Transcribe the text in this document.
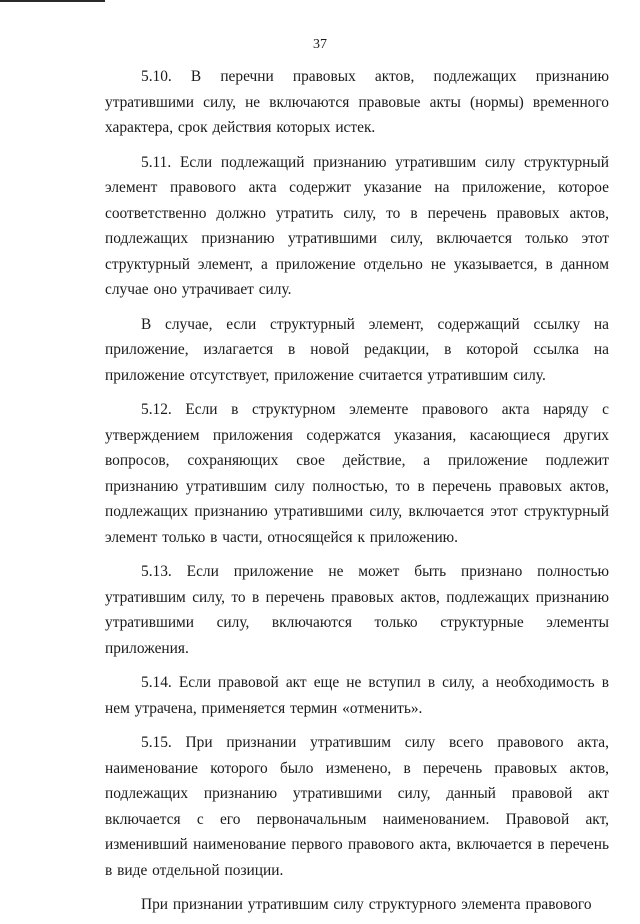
37

5.10. В перечни правовых актов, подлежащих признанию утратившими силу, не включаются правовые акты (нормы) временного характера, срок действия которых истек.

5.11. Если подлежащий признанию утратившим силу структурный элемент правового акта содержит указание на приложение, которое соответственно должно утратить силу, то в перечень правовых актов, подлежащих признанию утратившими силу, включается только этот структурный элемент, а приложение отдельно не указывается, в данном случае оно утрачивает силу.

В случае, если структурный элемент, содержащий ссылку на приложение, излагается в новой редакции, в которой ссылка на приложение отсутствует, приложение считается утратившим силу.

5.12. Если в структурном элементе правового акта наряду с утверждением приложения содержатся указания, касающиеся других вопросов, сохраняющих свое действие, а приложение подлежит признанию утратившим силу полностью, то в перечень правовых актов, подлежащих признанию утратившими силу, включается этот структурный элемент только в части, относящейся к приложению.

5.13. Если приложение не может быть признано полностью утратившим силу, то в перечень правовых актов, подлежащих признанию утратившими силу, включаются только структурные элементы приложения.

5.14. Если правовой акт еще не вступил в силу, а необходимость в нем утрачена, применяется термин «отменить».

5.15. При признании утратившим силу всего правового акта, наименование которого было изменено, в перечень правовых актов, подлежащих признанию утратившими силу, данный правовой акт включается с его первоначальным наименованием. Правовой акт, изменивший наименование первого правового акта, включается в перечень в виде отдельной позиции.

При признании утратившим силу структурного элемента правового
